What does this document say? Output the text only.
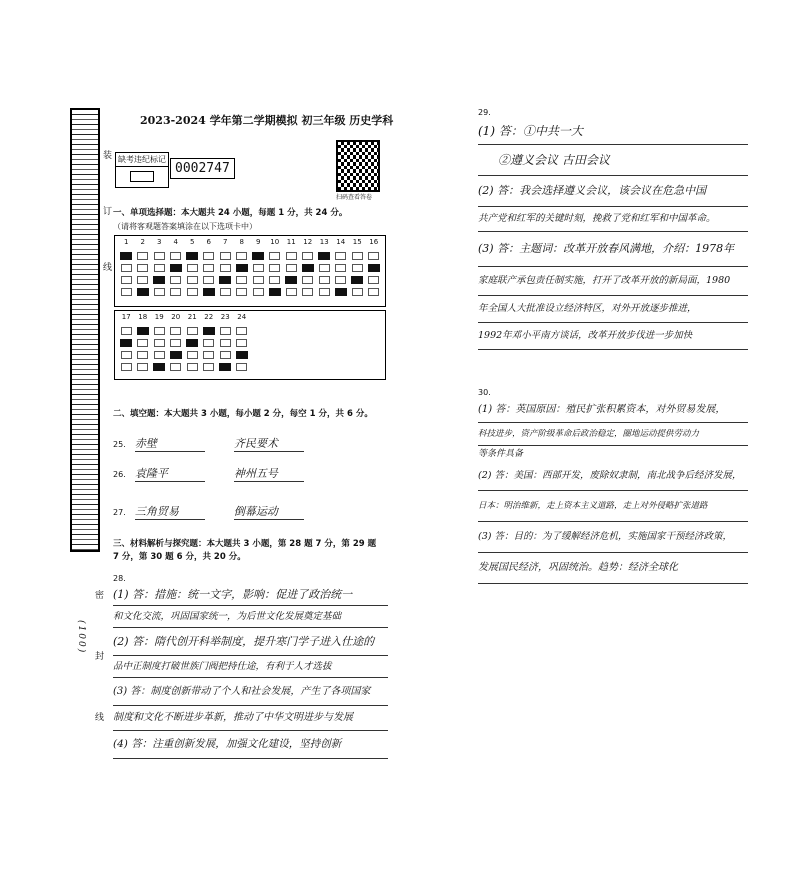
装
订
线
密
封
线
(100)
2023-2024 学年第二学期模拟 初三年级 历史学科
缺考违纪标记
0002747
扫码查看答卷
一、单项选择题：本大题共 24 小题，每题 1 分，共 24 分。
（请将客观题答案填涂在以下选项卡中）
1	2	3	4	5	6	7	8	9	10	11	12	13	14	15	16
17	18	19	20	21	22	23	24
二、填空题：本大题共 3 小题，每小题 2 分，每空 1 分，共 6 分。
25. 赤壁	齐民要术
26. 袁隆平	神州五号
27. 三角贸易	倒幕运动
三、材料解析与探究题：本大题共 3 小题，第 28 题 7 分，第 29 题 7 分，第 30 题 6 分，共 20 分。
28.
(1) 答：措施：统一文字，影响：促进了政治统一
和文化交流，巩固国家统一，为后世文化发展奠定基础
(2) 答：隋代创开科举制度，提升寒门学子进入仕途的
品中正制度打破世族门阀把持仕途，有利于人才选拔
(3) 答：制度创新带动了个人和社会发展，产生了各项国家
制度和文化不断进步革新，推动了中华文明进步与发展
(4) 答：注重创新发展，加强文化建设，坚持创新
29.
(1) 答：①中共一大
②遵义会议 古田会议
(2) 答：我会选择遵义会议，该会议在危急中国
共产党和红军的关键时刻，挽救了党和红军和中国革命。
(3) 答：主题词：改革开放春风满地，介绍：1978年
家庭联产承包责任制实施，打开了改革开放的新局面，1980
年全国人大批准设立经济特区，对外开放逐步推进，
1992年邓小平南方谈话，改革开放步伐进一步加快
30.
(1) 答：英国原因：殖民扩张积累资本，对外贸易发展，
科技进步，资产阶级革命后政治稳定，圈地运动提供劳动力
等条件具备
(2) 答：美国：西部开发，废除奴隶制，南北战争后经济发展，
日本：明治维新，走上资本主义道路，走上对外侵略扩张道路
(3) 答：目的：为了缓解经济危机，实施国家干预经济政策，
发展国民经济，巩固统治。趋势：经济全球化
